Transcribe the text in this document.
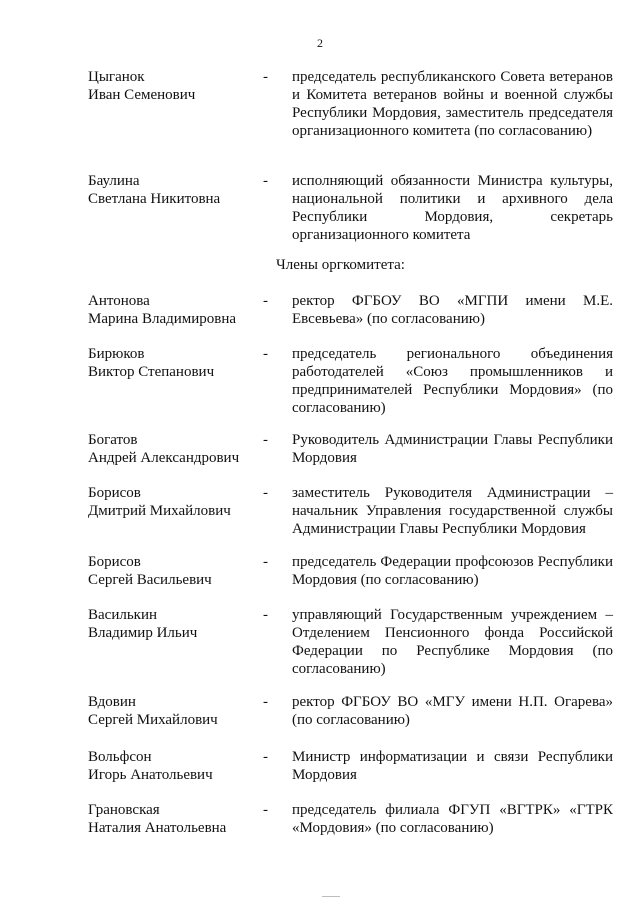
2
Цыганок
Иван Семенович
-	председатель республиканского Совета ветеранов и Комитета ветеранов войны и военной службы Республики Мордовия, заместитель председателя организационного комитета (по согласованию)
Баулина
Светлана Никитовна
-	исполняющий обязанности Министра культуры, национальной политики и архивного дела Республики Мордовия, секретарь организационного комитета
Члены оргкомитета:
Антонова
Марина Владимировна
-	ректор ФГБОУ ВО «МГПИ имени М.Е. Евсевьева» (по согласованию)
Бирюков
Виктор Степанович
-	председатель регионального объединения работодателей «Союз промышленников и предпринимателей Республики Мордовия» (по согласованию)
Богатов
Андрей Александрович
-	Руководитель Администрации Главы Республики Мордовия
Борисов
Дмитрий Михайлович
-	заместитель Руководителя Администрации – начальник Управления государственной службы Администрации Главы Республики Мордовия
Борисов
Сергей Васильевич
-	председатель Федерации профсоюзов Республики Мордовия (по согласованию)
Василькин
Владимир Ильич
-	управляющий Государственным учреждением – Отделением Пенсионного фонда Российской Федерации по Республике Мордовия (по согласованию)
Вдовин
Сергей Михайлович
-	ректор ФГБОУ ВО «МГУ имени Н.П. Огарева» (по согласованию)
Вольфсон
Игорь Анатольевич
-	Министр информатизации и связи Республики Мордовия
Грановская
Наталия Анатольевна
-	председатель филиала ФГУП «ВГТРК» «ГТРК «Мордовия» (по согласованию)
